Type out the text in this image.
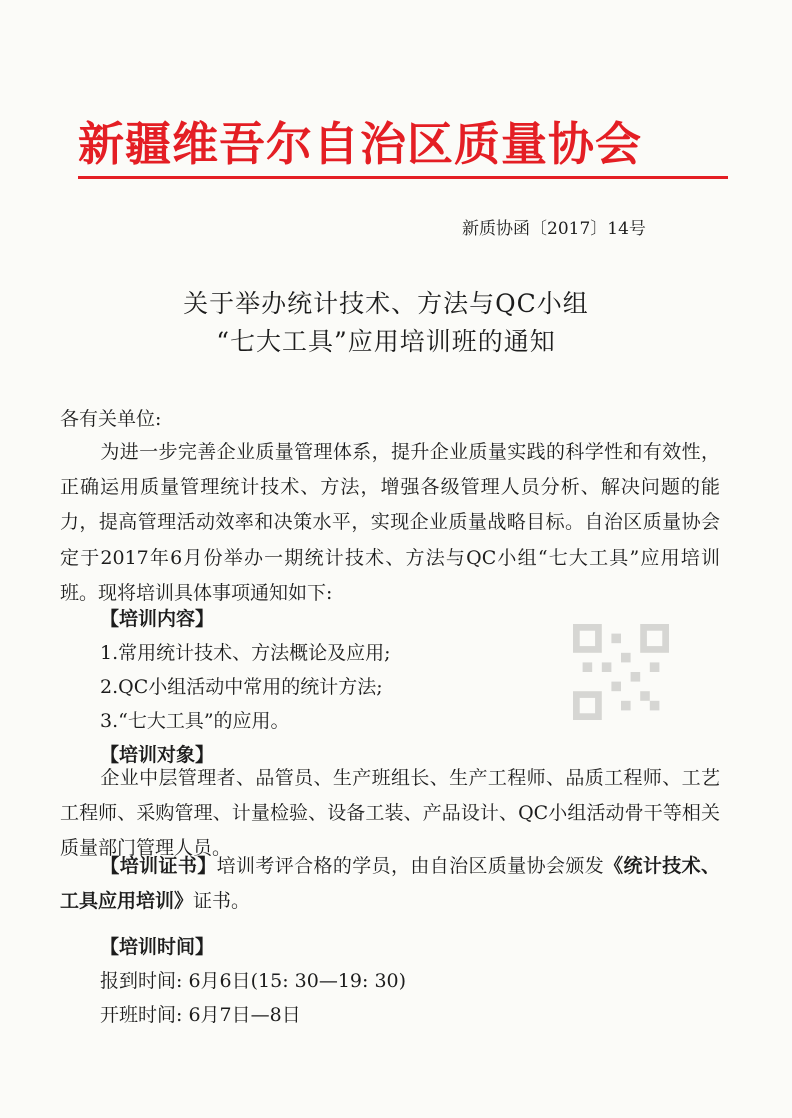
新疆维吾尔自治区质量协会
新质协函〔2017〕14号
关于举办统计技术、方法与QC小组
“七大工具”应用培训班的通知
各有关单位:
为进一步完善企业质量管理体系，提升企业质量实践的科学性和有效性，正确运用质量管理统计技术、方法，增强各级管理人员分析、解决问题的能力，提高管理活动效率和决策水平，实现企业质量战略目标。自治区质量协会定于2017年6月份举办一期统计技术、方法与QC小组“七大工具”应用培训班。现将培训具体事项通知如下:
【培训内容】
1.常用统计技术、方法概论及应用;
2.QC小组活动中常用的统计方法;
3.“七大工具”的应用。
【培训对象】
企业中层管理者、品管员、生产班组长、生产工程师、品质工程师、工艺工程师、采购管理、计量检验、设备工装、产品设计、QC小组活动骨干等相关质量部门管理人员。
【培训证书】培训考评合格的学员，由自治区质量协会颁发《统计技术、工具应用培训》证书。
【培训时间】
报到时间: 6月6日(15: 30—19: 30)
开班时间: 6月7日—8日
